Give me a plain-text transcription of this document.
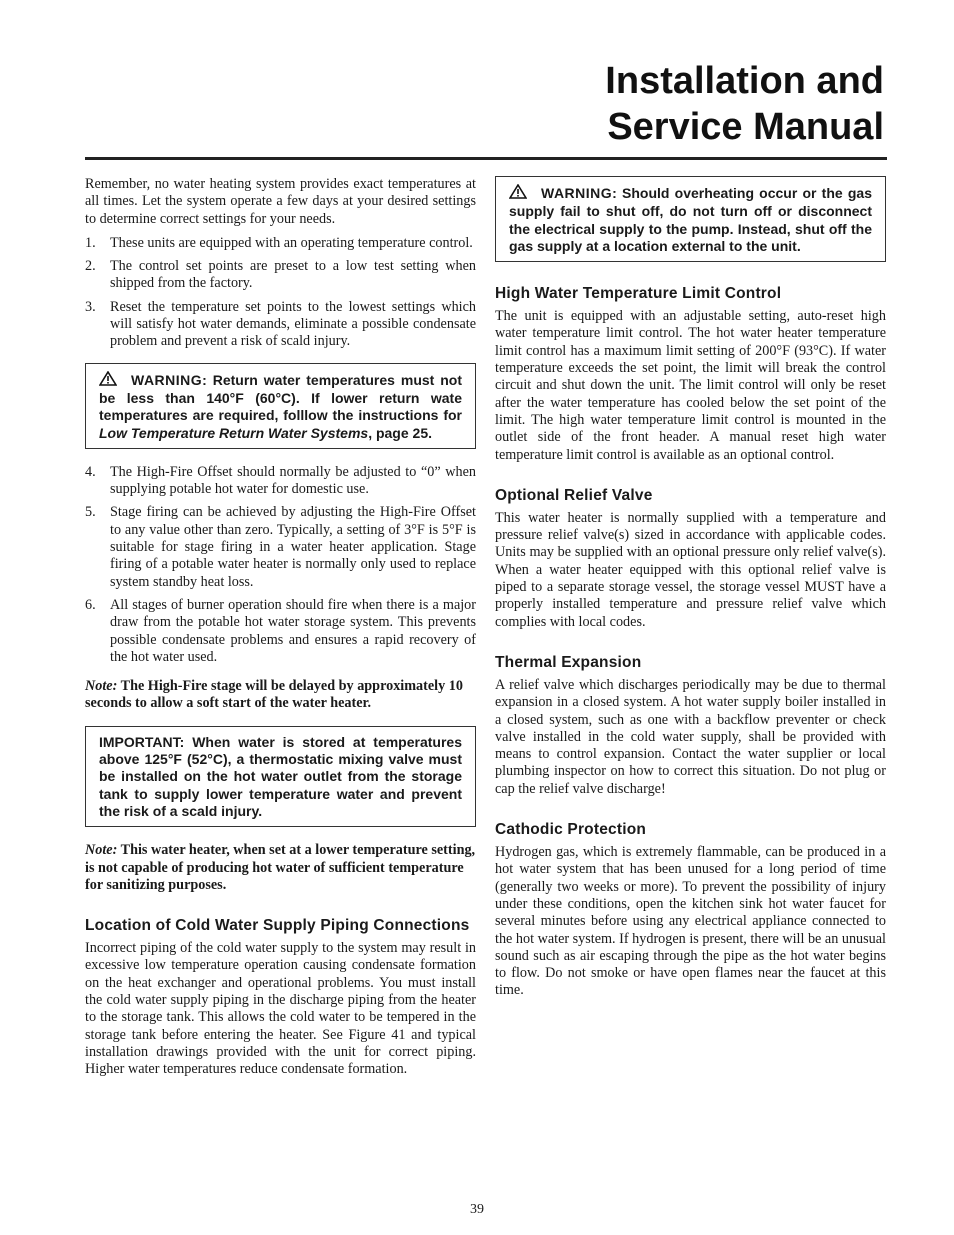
Installation and
Service Manual

Remember, no water heating system provides exact temperatures at all times. Let the system operate a few days at your desired settings to determine correct settings for your needs.

1. These units are equipped with an operating temperature control.
2. The control set points are preset to a low test setting when shipped from the factory.
3. Reset the temperature set points to the lowest settings which will satisfy hot water demands, eliminate a possible condensate problem and prevent a risk of scald injury.
WARNING: Return water temperatures must not be less than 140°F (60°C). If lower return wate temperatures are required, folllow the instructions for Low Temperature Return Water Systems, page 25.
4. The High-Fire Offset should normally be adjusted to “0” when supplying potable hot water for domestic use.
5. Stage firing can be achieved by adjusting the High-Fire Offset to any value other than zero. Typically, a setting of 3°F is 5°F is suitable for stage firing in a water heater application. Stage firing of a potable water heater is normally only used to replace system standby heat loss.
6. All stages of burner operation should fire when there is a major draw from the potable hot water storage system. This prevents possible condensate problems and ensures a rapid recovery of the hot water used.

Note: The High-Fire stage will be delayed by approximately 10 seconds to allow a soft start of the water heater.

IMPORTANT: When water is stored at temperatures above 125°F (52°C), a thermostatic mixing valve must be installed on the hot water outlet from the storage tank to supply lower temperature water and prevent the risk of a scald injury.

Note: This water heater, when set at a lower temperature setting, is not capable of producing hot water of sufficient temperature for sanitizing purposes.

Location of Cold Water Supply Piping Connections

Incorrect piping of the cold water supply to the system may result in excessive low temperature operation causing condensate formation on the heat exchanger and operational problems. You must install the cold water supply piping in the discharge piping from the heater to the storage tank. This allows the cold water to be tempered in the storage tank before entering the heater. See Figure 41 and typical installation drawings provided with the unit for correct piping. Higher water temperatures reduce condensate formation.

WARNING: Should overheating occur or the gas supply fail to shut off, do not turn off or disconnect the electrical supply to the pump. Instead, shut off the gas supply at a location external to the unit.
High Water Temperature Limit Control

The unit is equipped with an adjustable setting, auto-reset high water temperature limit control. The hot water heater temperature limit control has a maximum limit setting of 200°F (93°C). If water temperature exceeds the set point, the limit will break the control circuit and shut down the unit. The limit control will only be reset after the water temperature has cooled below the set point of the limit. The high water temperature limit control is mounted in the outlet side of the front header. A manual reset high water temperature limit control is available as an optional control.

Optional Relief Valve

This water heater is normally supplied with a temperature and pressure relief valve(s) sized in accordance with applicable codes. Units may be supplied with an optional pressure only relief valve(s). When a water heater equipped with this optional relief valve is piped to a separate storage vessel, the storage vessel MUST have a properly installed temperature and pressure relief valve which complies with local codes.

Thermal Expansion

A relief valve which discharges periodically may be due to thermal expansion in a closed system. A hot water supply boiler installed in a closed system, such as one with a backflow preventer or check valve installed in the cold water supply, shall be provided with means to control expansion. Contact the water supplier or local plumbing inspector on how to correct this situation. Do not plug or cap the relief valve discharge!

Cathodic Protection

Hydrogen gas, which is extremely flammable, can be produced in a hot water system that has been unused for a long period of time (generally two weeks or more). To prevent the possibility of injury under these conditions, open the kitchen sink hot water faucet for several minutes before using any electrical appliance connected to the hot water system. If hydrogen is present, there will be an unusual sound such as air escaping through the pipe as the hot water begins to flow. Do not smoke or have open flames near the faucet at this time.

39
